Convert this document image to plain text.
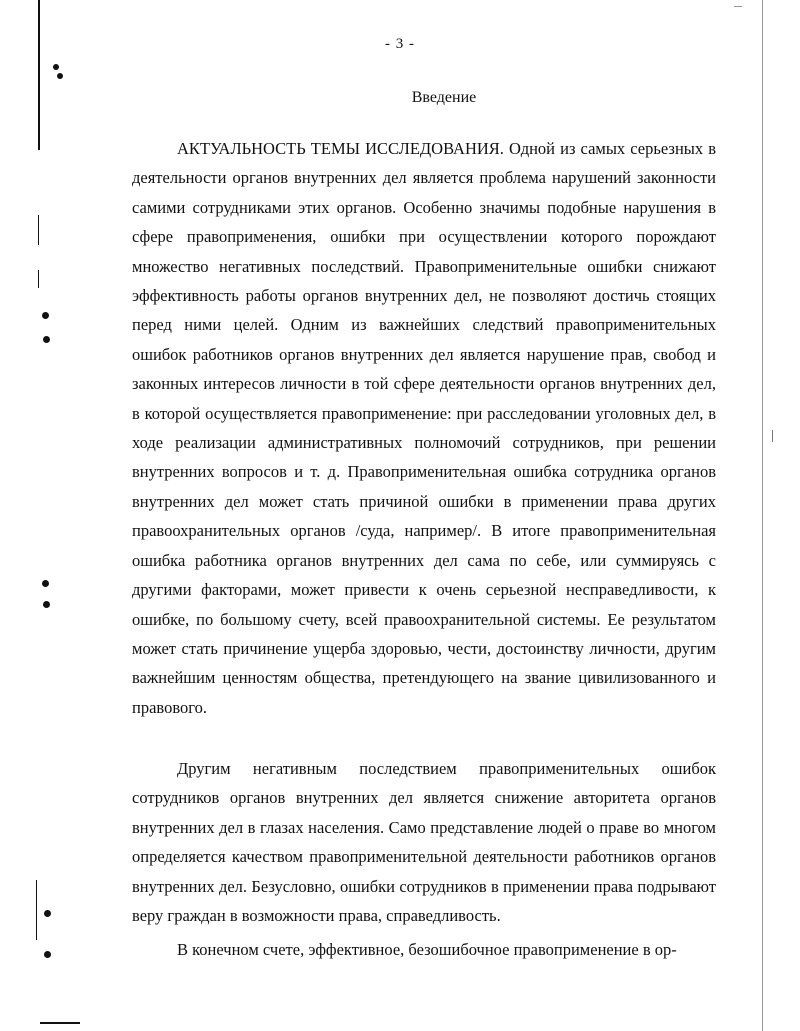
- 3 -
Введение

АКТУАЛЬНОСТЬ ТЕМЫ ИССЛЕДОВАНИЯ. Одной из самых серьезных в деятельности органов внутренних дел является проблема нарушений законности самими сотрудниками этих органов. Особенно значимы подобные нарушения в сфере правоприменения, ошибки при осуществлении которого порождают множество негативных последствий. Правоприменительные ошибки снижают эффективность работы органов внутренних дел, не позволяют достичь стоящих перед ними целей. Одним из важнейших следствий правоприменительных ошибок работников органов внутренних дел является нарушение прав, свобод и законных интересов личности в той сфере деятельности органов внутренних дел, в которой осуществляется правоприменение: при расследовании уголовных дел, в ходе реализации административных полномочий сотрудников, при решении внутренних вопросов и т. д. Правоприменительная ошибка сотрудника органов внутренних дел может стать причиной ошибки в применении права других правоохранительных органов /суда, например/. В итоге правоприменительная ошибка работника органов внутренних дел сама по себе, или суммируясь с другими факторами, может привести к очень серьезной несправедливости, к ошибке, по большому счету, всей правоохранительной системы. Ее результатом может стать причинение ущерба здоровью, чести, достоинству личности, другим важнейшим ценностям общества, претендующего на звание цивилизованного и правового.

Другим негативным последствием правоприменительных ошибок сотрудников органов внутренних дел является снижение авторитета органов внутренних дел в глазах населения. Само представление людей о праве во многом определяется качеством правоприменительной деятельности работников органов внутренних дел. Безусловно, ошибки сотрудников в применении права подрывают веру граждан в возможности права, справедливость.

В конечном счете, эффективное, безошибочное правоприменение в ор-
